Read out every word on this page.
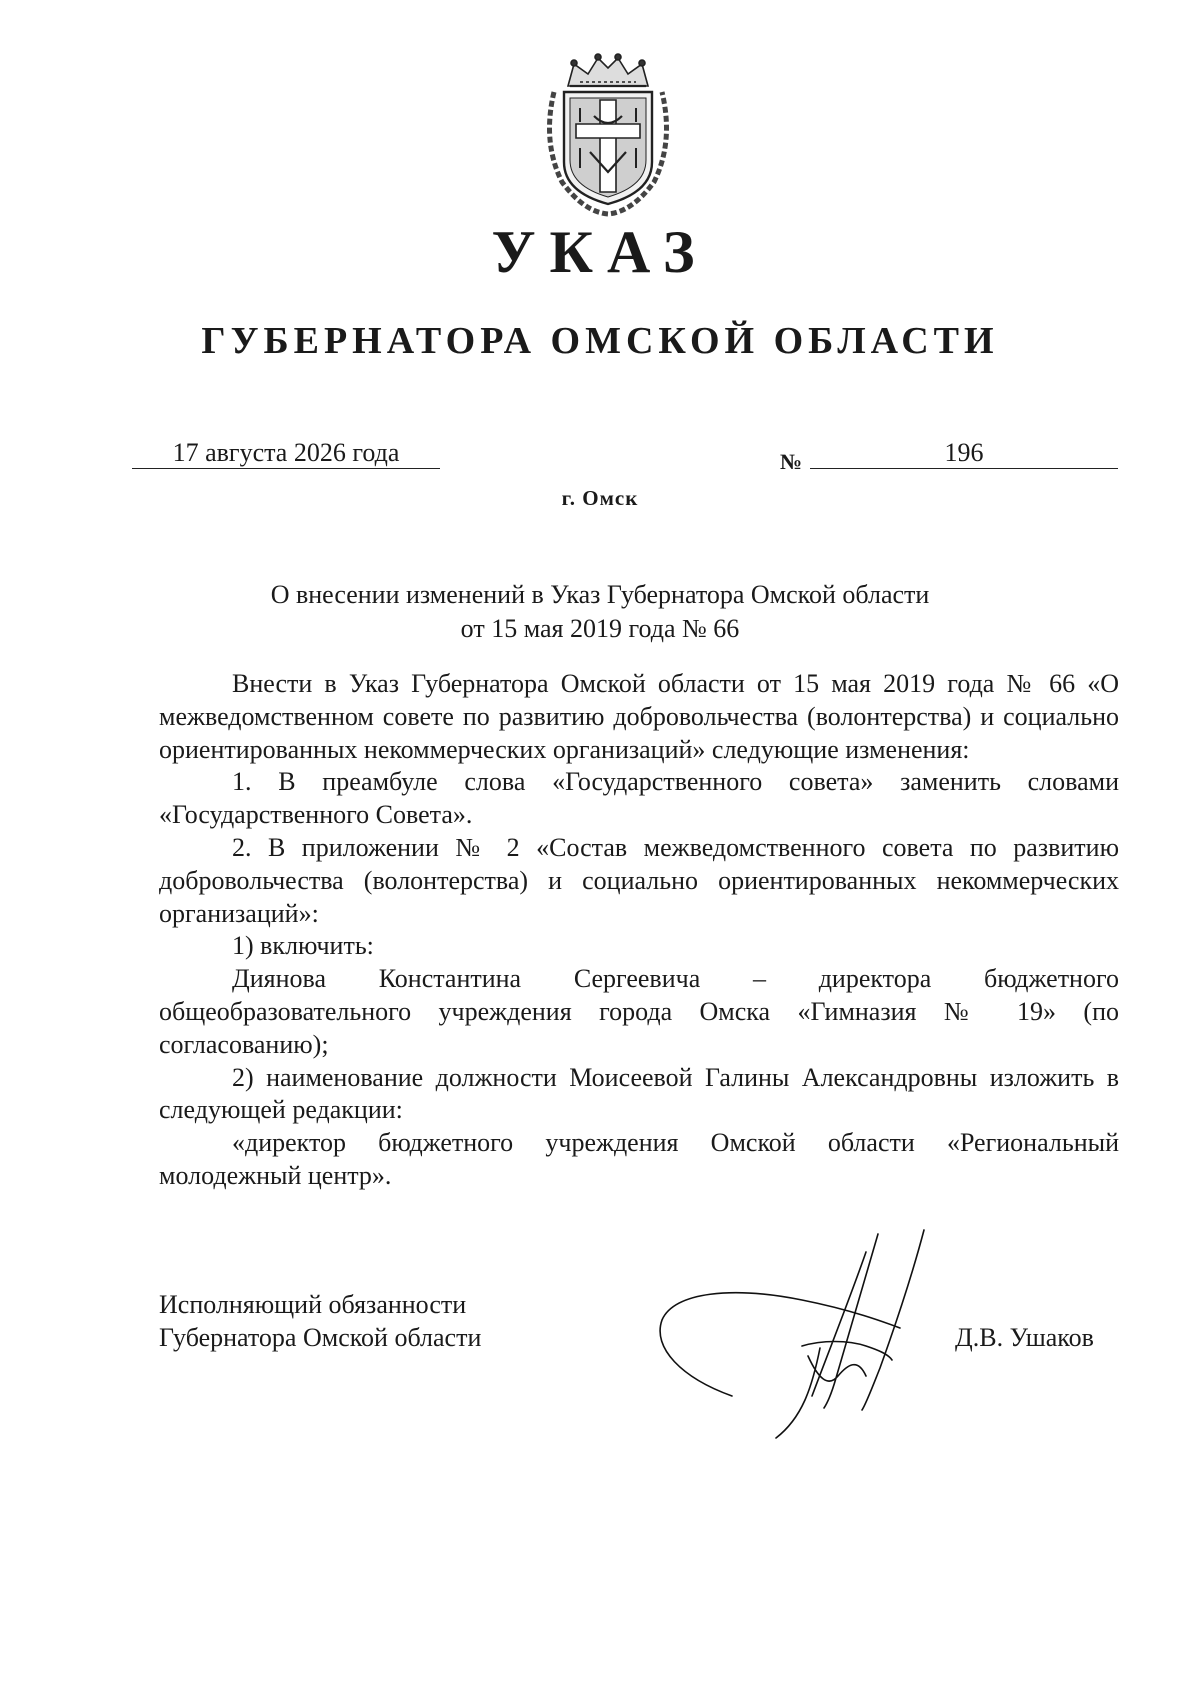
УКАЗ
ГУБЕРНАТОРА ОМСКОЙ ОБЛАСТИ
17 августа 2026 года	№	196
г. Омск
О внесении изменений в Указ Губернатора Омской области
от 15 мая 2019 года № 66

Внести в Указ Губернатора Омской области от 15 мая 2019 года № 66 «О межведомственном совете по развитию добровольчества (волонтерства) и социально ориентированных некоммерческих организаций» следующие изменения:

1. В преамбуле слова «Государственного совета» заменить словами «Государственного Совета».

2. В приложении № 2 «Состав межведомственного совета по развитию добровольчества (волонтерства) и социально ориентированных некоммерческих организаций»:

1) включить:

Диянова Константина Сергеевича – директора бюджетного общеобразовательного учреждения города Омска «Гимназия № 19» (по согласованию);

2) наименование должности Моисеевой Галины Александровны изложить в следующей редакции:

«директор бюджетного учреждения Омской области «Региональный молодежный центр».

Исполняющий обязанности
Губернатора Омской области	Д.В. Ушаков
